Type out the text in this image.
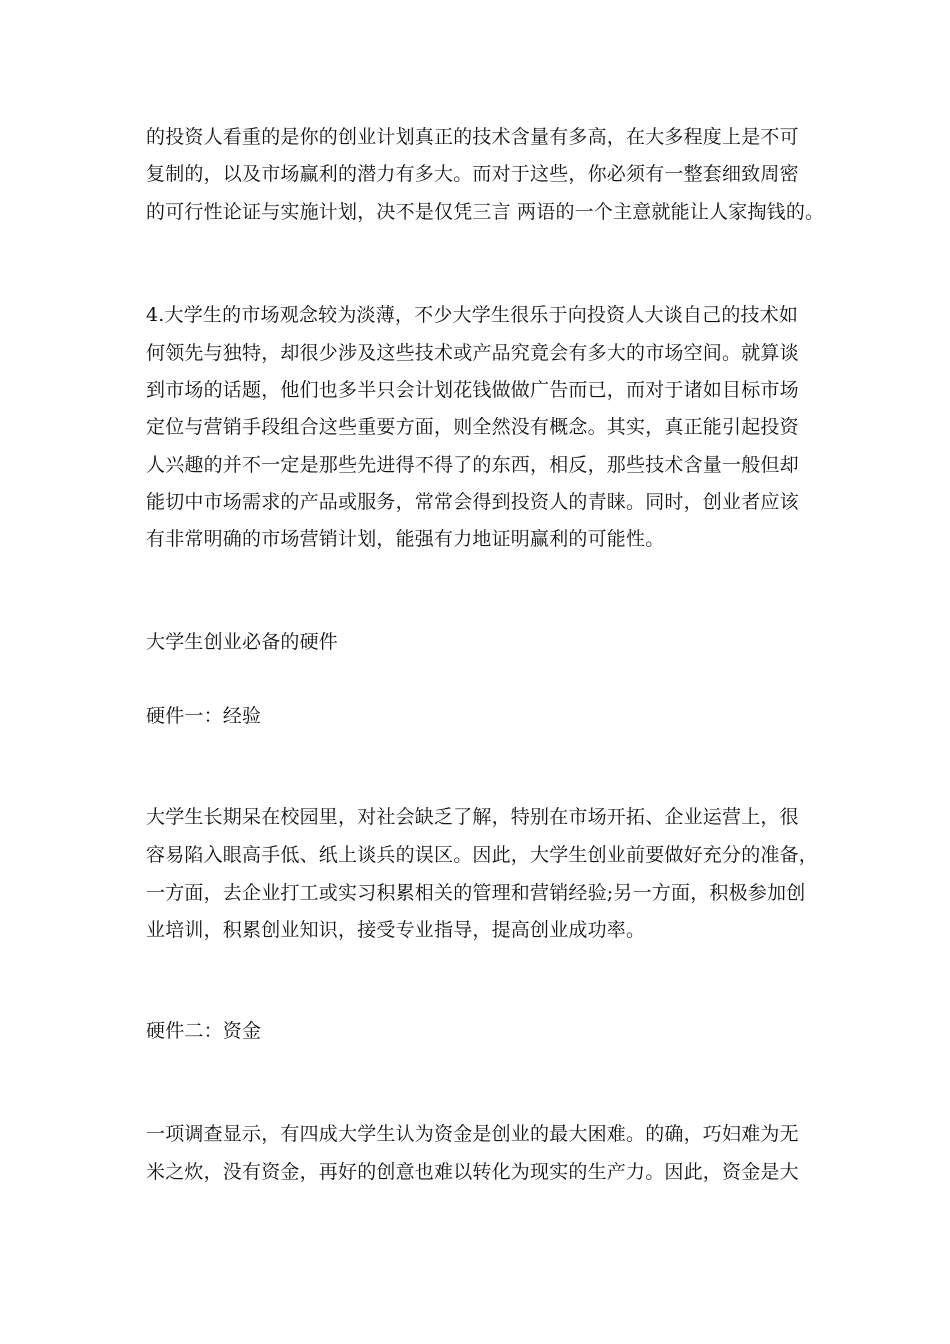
的投资人看重的是你的创业计划真正的技术含量有多高，在大多程度上是不可
复制的，以及市场赢利的潜力有多大。而对于这些，你必须有一整套细致周密
的可行性论证与实施计划，决不是仅凭三言 两语的一个主意就能让人家掏钱的。
4.大学生的市场观念较为淡薄，不少大学生很乐于向投资人大谈自己的技术如
何领先与独特，却很少涉及这些技术或产品究竟会有多大的市场空间。就算谈
到市场的话题，他们也多半只会计划花钱做做广告而已，而对于诸如目标市场
定位与营销手段组合这些重要方面，则全然没有概念。其实，真正能引起投资
人兴趣的并不一定是那些先进得不得了的东西，相反，那些技术含量一般但却
能切中市场需求的产品或服务，常常会得到投资人的青睐。同时，创业者应该
有非常明确的市场营销计划，能强有力地证明赢利的可能性。
大学生创业必备的硬件
硬件一：经验
大学生长期呆在校园里，对社会缺乏了解，特别在市场开拓、企业运营上，很
容易陷入眼高手低、纸上谈兵的误区。因此，大学生创业前要做好充分的准备，
一方面，去企业打工或实习积累相关的管理和营销经验;另一方面，积极参加创
业培训，积累创业知识，接受专业指导，提高创业成功率。
硬件二：资金
一项调查显示，有四成大学生认为资金是创业的最大困难。的确，巧妇难为无
米之炊，没有资金，再好的创意也难以转化为现实的生产力。因此，资金是大
